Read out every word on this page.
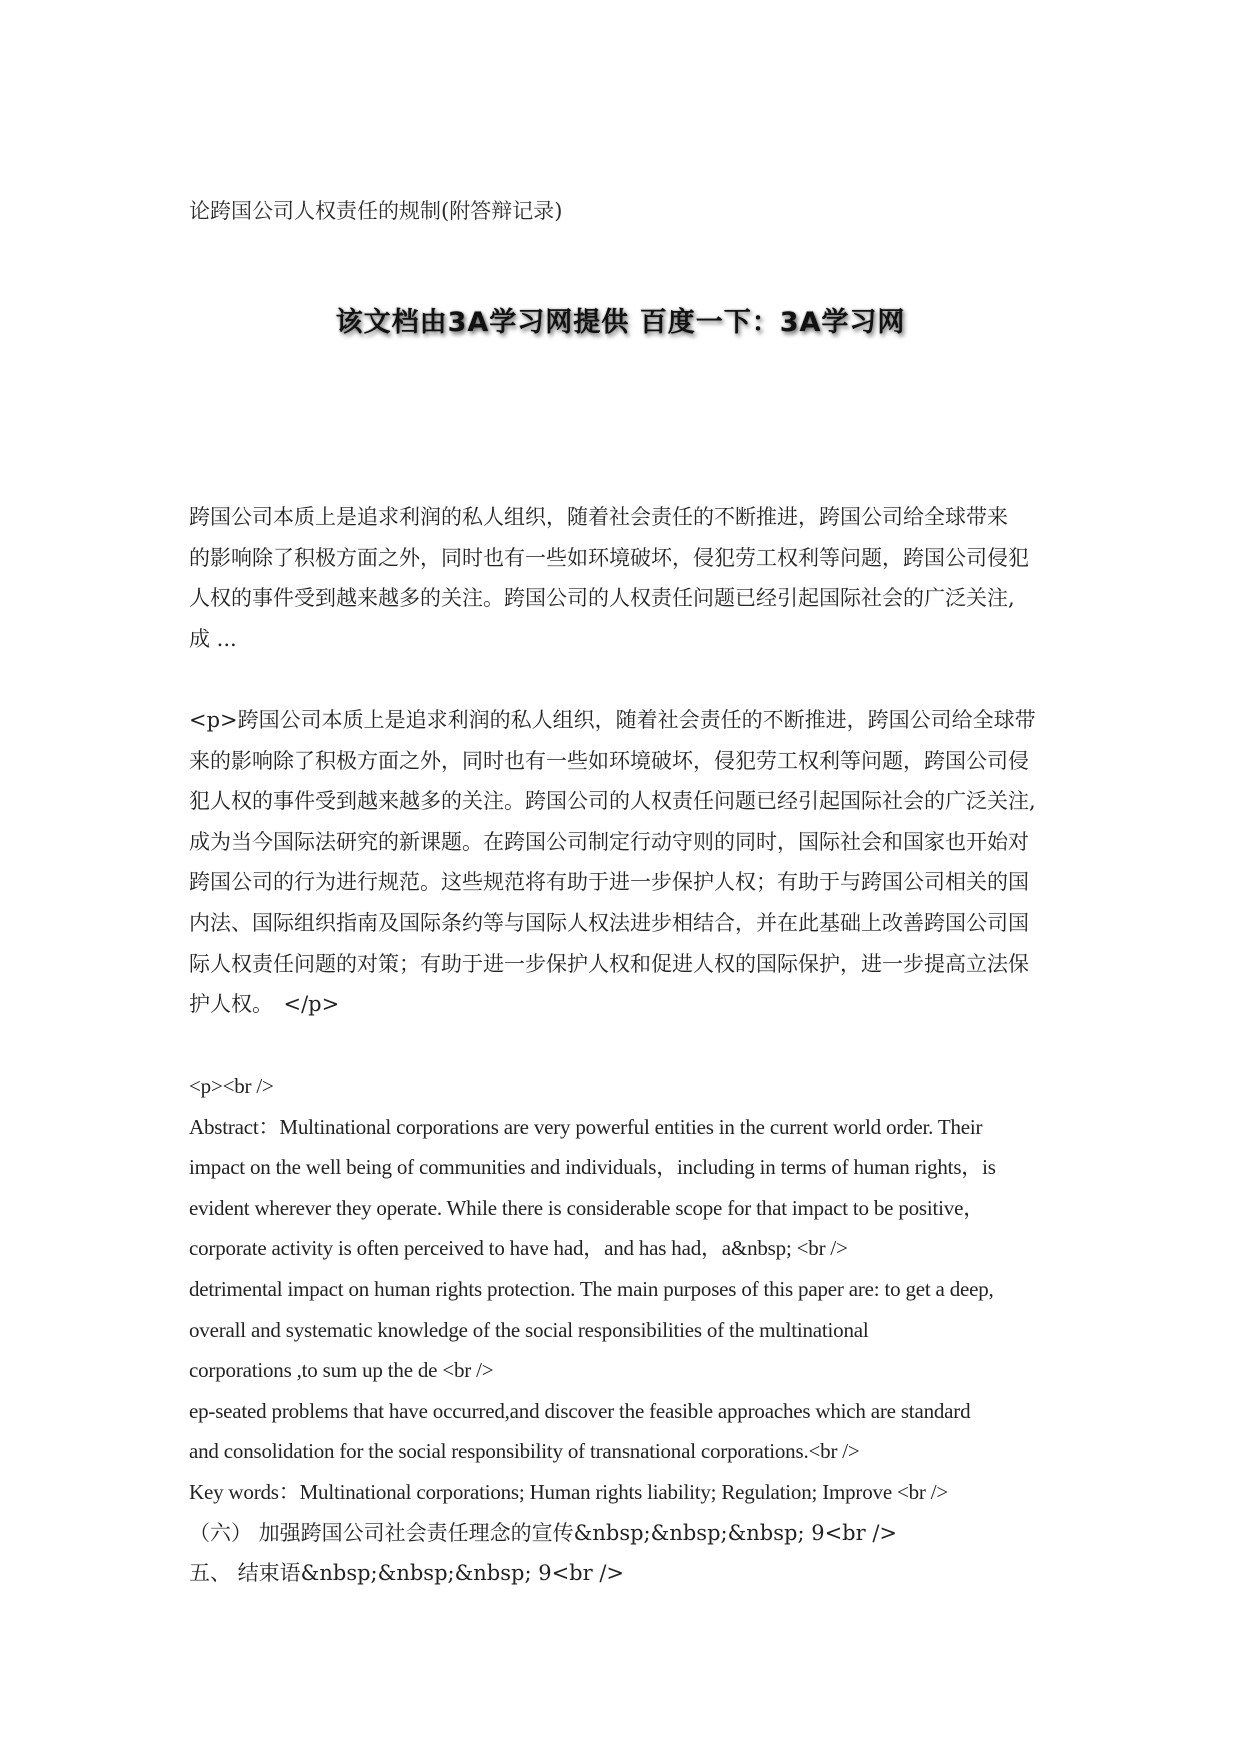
论跨国公司人权责任的规制(附答辩记录)
该文档由3A学习网提供 百度一下：3A学习网
跨国公司本质上是追求利润的私人组织，随着社会责任的不断推进，跨国公司给全球带来
的影响除了积极方面之外，同时也有一些如环境破坏，侵犯劳工权利等问题，跨国公司侵犯
人权的事件受到越来越多的关注。跨国公司的人权责任问题已经引起国际社会的广泛关注,
成 ...
<p>跨国公司本质上是追求利润的私人组织，随着社会责任的不断推进，跨国公司给全球带
来的影响除了积极方面之外，同时也有一些如环境破坏，侵犯劳工权利等问题，跨国公司侵
犯人权的事件受到越来越多的关注。跨国公司的人权责任问题已经引起国际社会的广泛关注,
成为当今国际法研究的新课题。在跨国公司制定行动守则的同时，国际社会和国家也开始对
跨国公司的行为进行规范。这些规范将有助于进一步保护人权；有助于与跨国公司相关的国
内法、国际组织指南及国际条约等与国际人权法进步相结合，并在此基础上改善跨国公司国
际人权责任问题的对策；有助于进一步保护人权和促进人权的国际保护，进一步提高立法保
护人权。　</p>
<p><br />
Abstract：Multinational corporations are very powerful entities in the current world order. Their
impact on the well being of communities and individuals，including in terms of human rights，is
evident wherever they operate. While there is considerable scope for that impact to be positive，
corporate activity is often perceived to have had，and has had，a&nbsp; <br />
detrimental impact on human rights protection. The main purposes of this paper are: to get a deep,
overall and systematic knowledge of the social responsibilities of the multinational
corporations ,to sum up the de <br />
ep-seated problems that have occurred,and discover the feasible approaches which are standard
and consolidation for the social responsibility of transnational corporations.<br />
Key words：Multinational corporations; Human rights liability; Regulation; Improve <br />
（六） 加强跨国公司社会责任理念的宣传&nbsp;&nbsp;&nbsp; 9<br />
五、 结束语&nbsp;&nbsp;&nbsp; 9<br />
